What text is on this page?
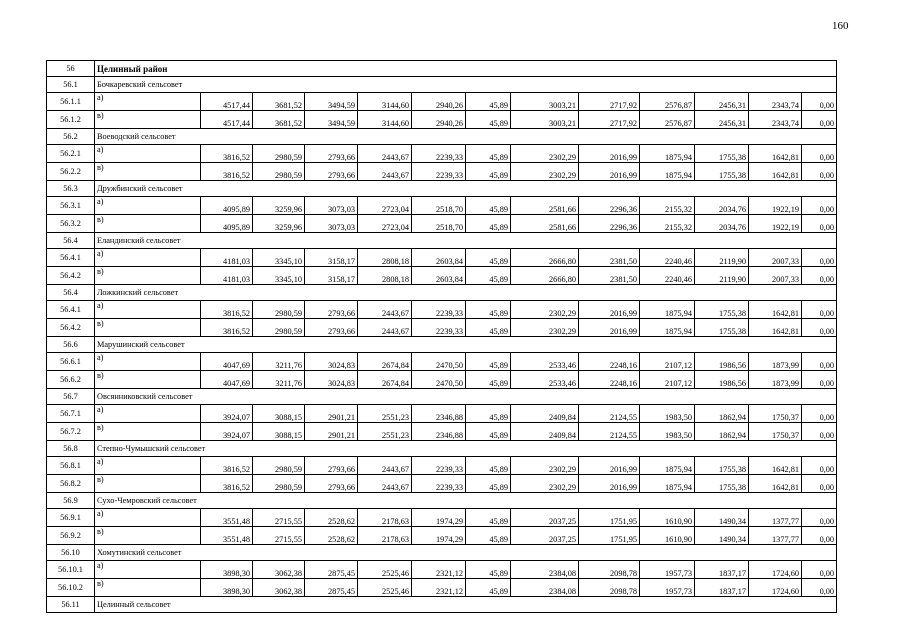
160
56	Целинный район												
56.1	Бочкаревский сельсовет												
56.1.1	а)	4517,44	3681,52	3494,59	3144,60	2940,26	45,89	3003,21	2717,92	2576,87	2456,31	2343,74	0,00
56.1.2	в)	4517,44	3681,52	3494,59	3144,60	2940,26	45,89	3003,21	2717,92	2576,87	2456,31	2343,74	0,00
56.2	Воеводский сельсовет												
56.2.1	а)	3816,52	2980,59	2793,66	2443,67	2239,33	45,89	2302,29	2016,99	1875,94	1755,38	1642,81	0,00
56.2.2	в)	3816,52	2980,59	2793,66	2443,67	2239,33	45,89	2302,29	2016,99	1875,94	1755,38	1642,81	0,00
56.3	Дружбинский сельсовет												
56.3.1	а)	4095,89	3259,96	3073,03	2723,04	2518,70	45,89	2581,66	2296,36	2155,32	2034,76	1922,19	0,00
56.3.2	в)	4095,89	3259,96	3073,03	2723,04	2518,70	45,89	2581,66	2296,36	2155,32	2034,76	1922,19	0,00
56.4	Еландинский сельсовет												
56.4.1	а)	4181,03	3345,10	3158,17	2808,18	2603,84	45,89	2666,80	2381,50	2240,46	2119,90	2007,33	0,00
56.4.2	в)	4181,03	3345,10	3158,17	2808,18	2603,84	45,89	2666,80	2381,50	2240,46	2119,90	2007,33	0,00
56.4	Ложкинский сельсовет												
56.4.1	а)	3816,52	2980,59	2793,66	2443,67	2239,33	45,89	2302,29	2016,99	1875,94	1755,38	1642,81	0,00
56.4.2	в)	3816,52	2980,59	2793,66	2443,67	2239,33	45,89	2302,29	2016,99	1875,94	1755,38	1642,81	0,00
56.6	Марушинский сельсовет												
56.6.1	а)	4047,69	3211,76	3024,83	2674,84	2470,50	45,89	2533,46	2248,16	2107,12	1986,56	1873,99	0,00
56.6.2	в)	4047,69	3211,76	3024,83	2674,84	2470,50	45,89	2533,46	2248,16	2107,12	1986,56	1873,99	0,00
56.7	Овсянниковский сельсовет												
56.7.1	а)	3924,07	3088,15	2901,21	2551,23	2346,88	45,89	2409,84	2124,55	1983,50	1862,94	1750,37	0,00
56.7.2	в)	3924,07	3088,15	2901,21	2551,23	2346,88	45,89	2409,84	2124,55	1983,50	1862,94	1750,37	0,00
56.8	Степно-Чумышский сельсовет												
56.8.1	а)	3816,52	2980,59	2793,66	2443,67	2239,33	45,89	2302,29	2016,99	1875,94	1755,38	1642,81	0,00
56.8.2	в)	3816,52	2980,59	2793,66	2443,67	2239,33	45,89	2302,29	2016,99	1875,94	1755,38	1642,81	0,00
56.9	Сухо-Чемровский сельсовет												
56.9.1	а)	3551,48	2715,55	2528,62	2178,63	1974,29	45,89	2037,25	1751,95	1610,90	1490,34	1377,77	0,00
56.9.2	в)	3551,48	2715,55	2528,62	2178,63	1974,29	45,89	2037,25	1751,95	1610,90	1490,34	1377,77	0,00
56.10	Хомутинский сельсовет												
56.10.1	а)	3898,30	3062,38	2875,45	2525,46	2321,12	45,89	2384,08	2098,78	1957,73	1837,17	1724,60	0,00
56.10.2	в)	3898,30	3062,38	2875,45	2525,46	2321,12	45,89	2384,08	2098,78	1957,73	1837,17	1724,60	0,00
56.11	Целинный сельсовет												
